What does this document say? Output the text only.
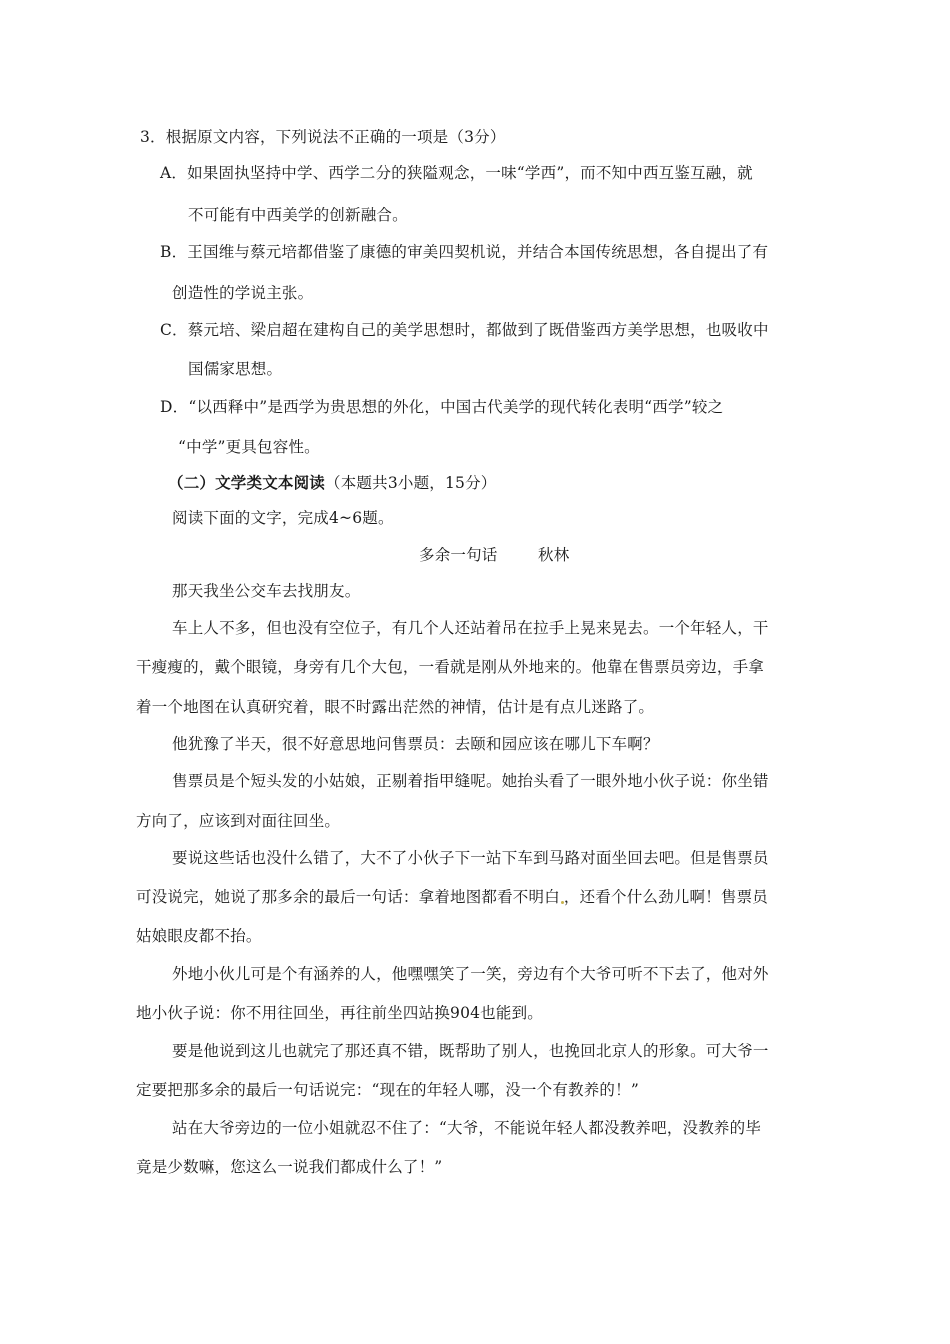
3．根据原文内容，下列说法不正确的一项是（3分）
A．如果固执坚持中学、西学二分的狭隘观念，一味“学西”，而不知中西互鉴互融，就
不可能有中西美学的创新融合。
B．王国维与蔡元培都借鉴了康德的审美四契机说，并结合本国传统思想，各自提出了有
创造性的学说主张。
C．蔡元培、梁启超在建构自己的美学思想时，都做到了既借鉴西方美学思想，也吸收中
国儒家思想。
D．“以西释中”是西学为贵思想的外化，中国古代美学的现代转化表明“西学”较之
“中学”更具包容性。
（二）文学类文本阅读（本题共3小题，15分）
阅读下面的文字，完成4~6题。
多余一句话	秋林
那天我坐公交车去找朋友。
车上人不多，但也没有空位子，有几个人还站着吊在拉手上晃来晃去。一个年轻人，干
干瘦瘦的，戴个眼镜，身旁有几个大包，一看就是刚从外地来的。他靠在售票员旁边，手拿
着一个地图在认真研究着，眼不时露出茫然的神情，估计是有点儿迷路了。
他犹豫了半天，很不好意思地问售票员：去颐和园应该在哪儿下车啊？
售票员是个短头发的小姑娘，正剔着指甲缝呢。她抬头看了一眼外地小伙子说：你坐错
方向了，应该到对面往回坐。
要说这些话也没什么错了，大不了小伙子下一站下车到马路对面坐回去吧。但是售票员
可没说完，她说了那多余的最后一句话：拿着地图都看不明白 ，还看个什么劲儿啊！售票员
姑娘眼皮都不抬。
外地小伙儿可是个有涵养的人，他嘿嘿笑了一笑，旁边有个大爷可听不下去了，他对外
地小伙子说：你不用往回坐，再往前坐四站换904也能到。
要是他说到这儿也就完了那还真不错，既帮助了别人，也挽回北京人的形象。可大爷一
定要把那多余的最后一句话说完：“现在的年轻人哪，没一个有教养的！”
站在大爷旁边的一位小姐就忍不住了：“大爷，不能说年轻人都没教养吧，没教养的毕
竟是少数嘛，您这么一说我们都成什么了！”
